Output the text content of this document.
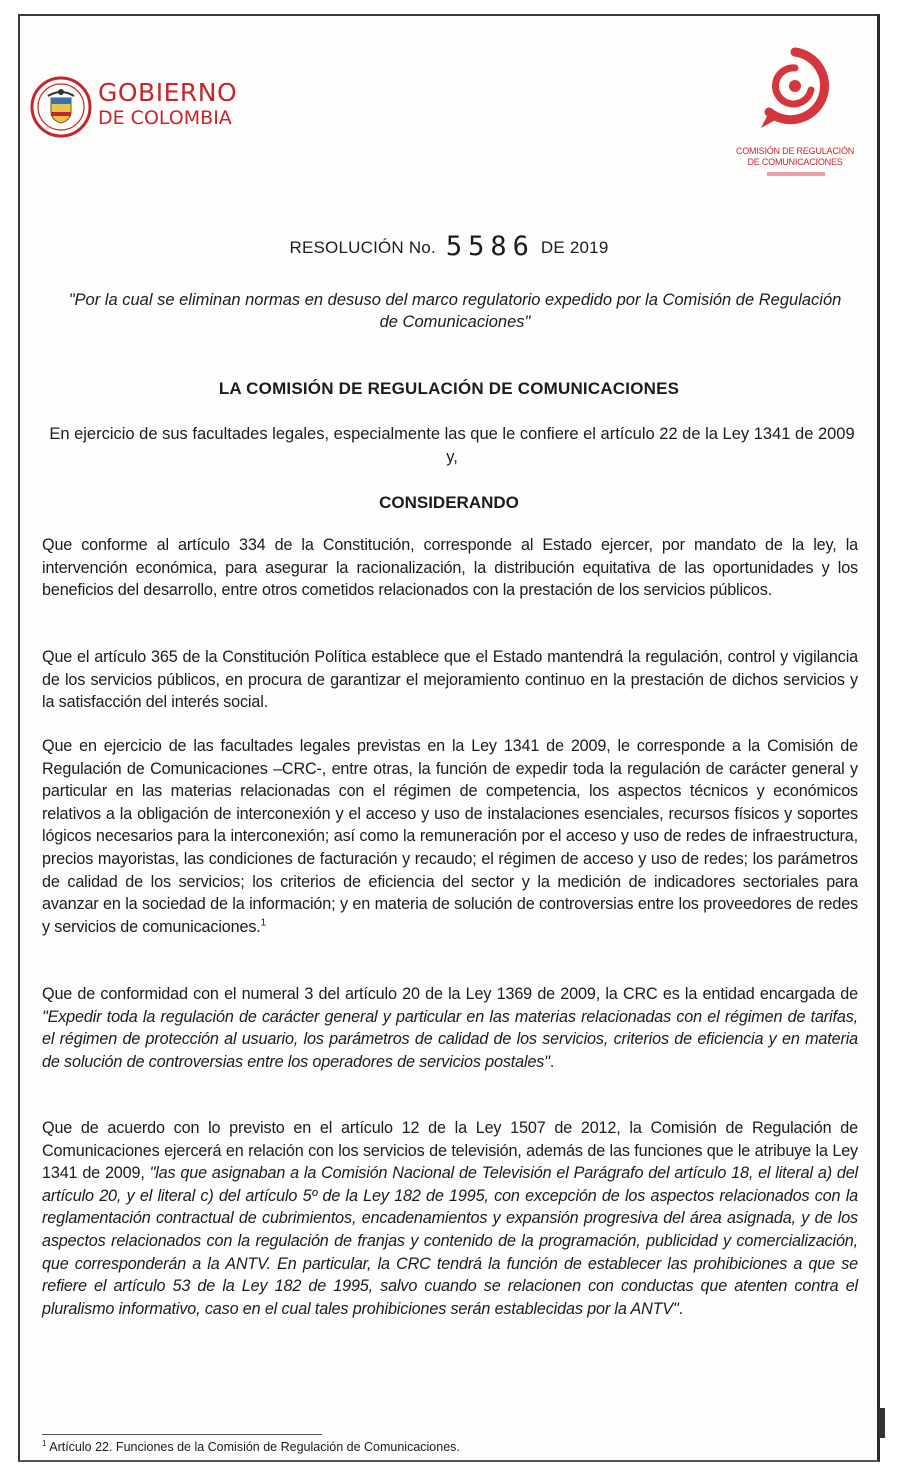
GOBIERNO
DE COLOMBIA
COMISIÓN DE REGULACIÓN
DE COMUNICACIONES
RESOLUCIÓN No. 5586 DE 2019
"Por la cual se eliminan normas en desuso del marco regulatorio expedido por la Comisión de Regulación de Comunicaciones"
LA COMISIÓN DE REGULACIÓN DE COMUNICACIONES
En ejercicio de sus facultades legales, especialmente las que le confiere el artículo 22 de la Ley 1341 de 2009 y,
CONSIDERANDO
Que conforme al artículo 334 de la Constitución, corresponde al Estado ejercer, por mandato de la ley, la intervención económica, para asegurar la racionalización, la distribución equitativa de las oportunidades y los beneficios del desarrollo, entre otros cometidos relacionados con la prestación de los servicios públicos.
Que el artículo 365 de la Constitución Política establece que el Estado mantendrá la regulación, control y vigilancia de los servicios públicos, en procura de garantizar el mejoramiento continuo en la prestación de dichos servicios y la satisfacción del interés social.
Que en ejercicio de las facultades legales previstas en la Ley 1341 de 2009, le corresponde a la Comisión de Regulación de Comunicaciones –CRC-, entre otras, la función de expedir toda la regulación de carácter general y particular en las materias relacionadas con el régimen de competencia, los aspectos técnicos y económicos relativos a la obligación de interconexión y el acceso y uso de instalaciones esenciales, recursos físicos y soportes lógicos necesarios para la interconexión; así como la remuneración por el acceso y uso de redes de infraestructura, precios mayoristas, las condiciones de facturación y recaudo; el régimen de acceso y uso de redes; los parámetros de calidad de los servicios; los criterios de eficiencia del sector y la medición de indicadores sectoriales para avanzar en la sociedad de la información; y en materia de solución de controversias entre los proveedores de redes y servicios de comunicaciones.$^1$
Que de conformidad con el numeral 3 del artículo 20 de la Ley 1369 de 2009, la CRC es la entidad encargada de "Expedir toda la regulación de carácter general y particular en las materias relacionadas con el régimen de tarifas, el régimen de protección al usuario, los parámetros de calidad de los servicios, criterios de eficiencia y en materia de solución de controversias entre los operadores de servicios postales".
Que de acuerdo con lo previsto en el artículo 12 de la Ley 1507 de 2012, la Comisión de Regulación de Comunicaciones ejercerá en relación con los servicios de televisión, además de las funciones que le atribuye la Ley 1341 de 2009, "las que asignaban a la Comisión Nacional de Televisión el Parágrafo del artículo 18, el literal a) del artículo 20, y el literal c) del artículo 5º de la Ley 182 de 1995, con excepción de los aspectos relacionados con la reglamentación contractual de cubrimientos, encadenamientos y expansión progresiva del área asignada, y de los aspectos relacionados con la regulación de franjas y contenido de la programación, publicidad y comercialización, que corresponderán a la ANTV. En particular, la CRC tendrá la función de establecer las prohibiciones a que se refiere el artículo 53 de la Ley 182 de 1995, salvo cuando se relacionen con conductas que atenten contra el pluralismo informativo, caso en el cual tales prohibiciones serán establecidas por la ANTV".
$^1$ Artículo 22. Funciones de la Comisión de Regulación de Comunicaciones.
